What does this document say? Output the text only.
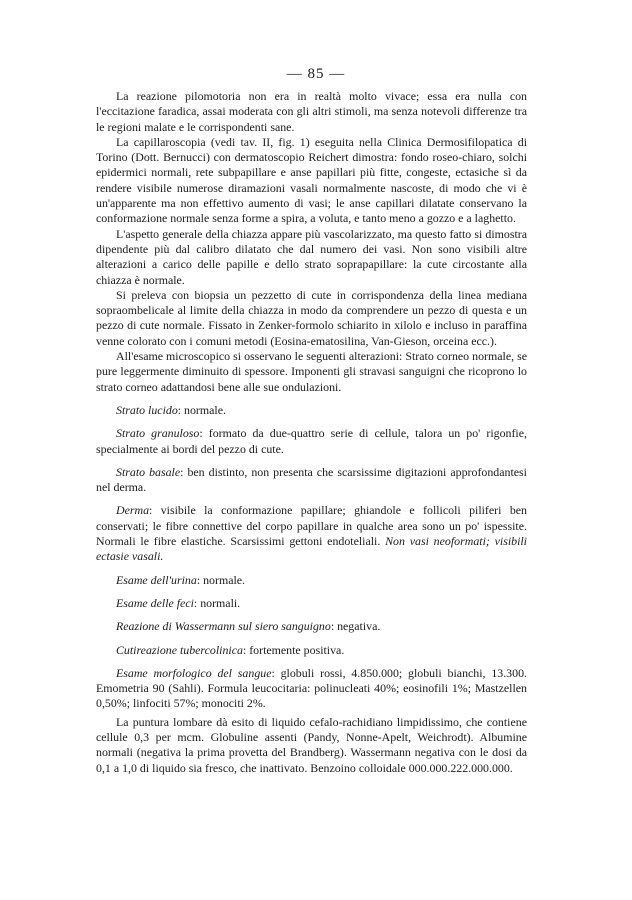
— 85 —

La reazione pilomotoria non era in realtà molto vivace; essa era nulla con l'eccitazione faradica, assai moderata con gli altri stimoli, ma senza notevoli differenze tra le regioni malate e le corrispondenti sane.

La capillaroscopia (vedi tav. II, fig. 1) eseguita nella Clinica Dermosifilopatica di Torino (Dott. Bernucci) con dermatoscopio Reichert dimostra: fondo roseo-chiaro, solchi epidermici normali, rete subpapillare e anse papillari più fitte, congeste, ectasiche sì da rendere visibile numerose diramazioni vasali normalmente nascoste, di modo che vi è un'apparente ma non effettivo aumento di vasi; le anse capillari dilatate conservano la conformazione normale senza forme a spira, a voluta, e tanto meno a gozzo e a laghetto.

L'aspetto generale della chiazza appare più vascolarizzato, ma questo fatto si dimostra dipendente più dal calibro dilatato che dal numero dei vasi. Non sono visibili altre alterazioni a carico delle papille e dello strato soprapapillare: la cute circostante alla chiazza è normale.

Si preleva con biopsia un pezzetto di cute in corrispondenza della linea mediana sopraombelicale al limite della chiazza in modo da comprendere un pezzo di questa e un pezzo di cute normale. Fissato in Zenker-formolo schiarito in xilolo e incluso in paraffina venne colorato con i comuni metodi (Eosina-ematosilina, Van-Gieson, orceina ecc.).

All'esame microscopico si osservano le seguenti alterazioni: Strato corneo normale, se pure leggermente diminuito di spessore. Imponenti gli stravasi sanguigni che ricoprono lo strato corneo adattandosi bene alle sue ondulazioni.

Strato lucido: normale.

Strato granuloso: formato da due-quattro serie di cellule, talora un po' rigonfie, specialmente ai bordi del pezzo di cute.

Strato basale: ben distinto, non presenta che scarsissime digitazioni approfondantesi nel derma.

Derma: visibile la conformazione papillare; ghiandole e follicoli piliferi ben conservati; le fibre connettive del corpo papillare in qualche area sono un po' ispessite. Normali le fibre elastiche. Scarsissimi gettoni endoteliali. Non vasi neoformati; visibili ectasie vasali.

Esame dell'urina: normale.

Esame delle feci: normali.

Reazione di Wassermann sul siero sanguigno: negativa.

Cutireazione tubercolinica: fortemente positiva.

Esame morfologico del sangue: globuli rossi, 4.850.000; globuli bianchi, 13.300. Emometria 90 (Sahli). Formula leucocitaria: polinucleati 40%; eosinofili 1%; Mastzellen 0,50%; linfociti 57%; monociti 2%.

La puntura lombare dà esito di liquido cefalo-rachidiano limpidissimo, che contiene cellule 0,3 per mcm. Globuline assenti (Pandy, Nonne-Apelt, Weichrodt). Albumine normali (negativa la prima provetta del Brandberg). Wassermann negativa con le dosi da 0,1 a 1,0 di liquido sia fresco, che inattivato. Benzoino colloidale 000.000.222.000.000.
